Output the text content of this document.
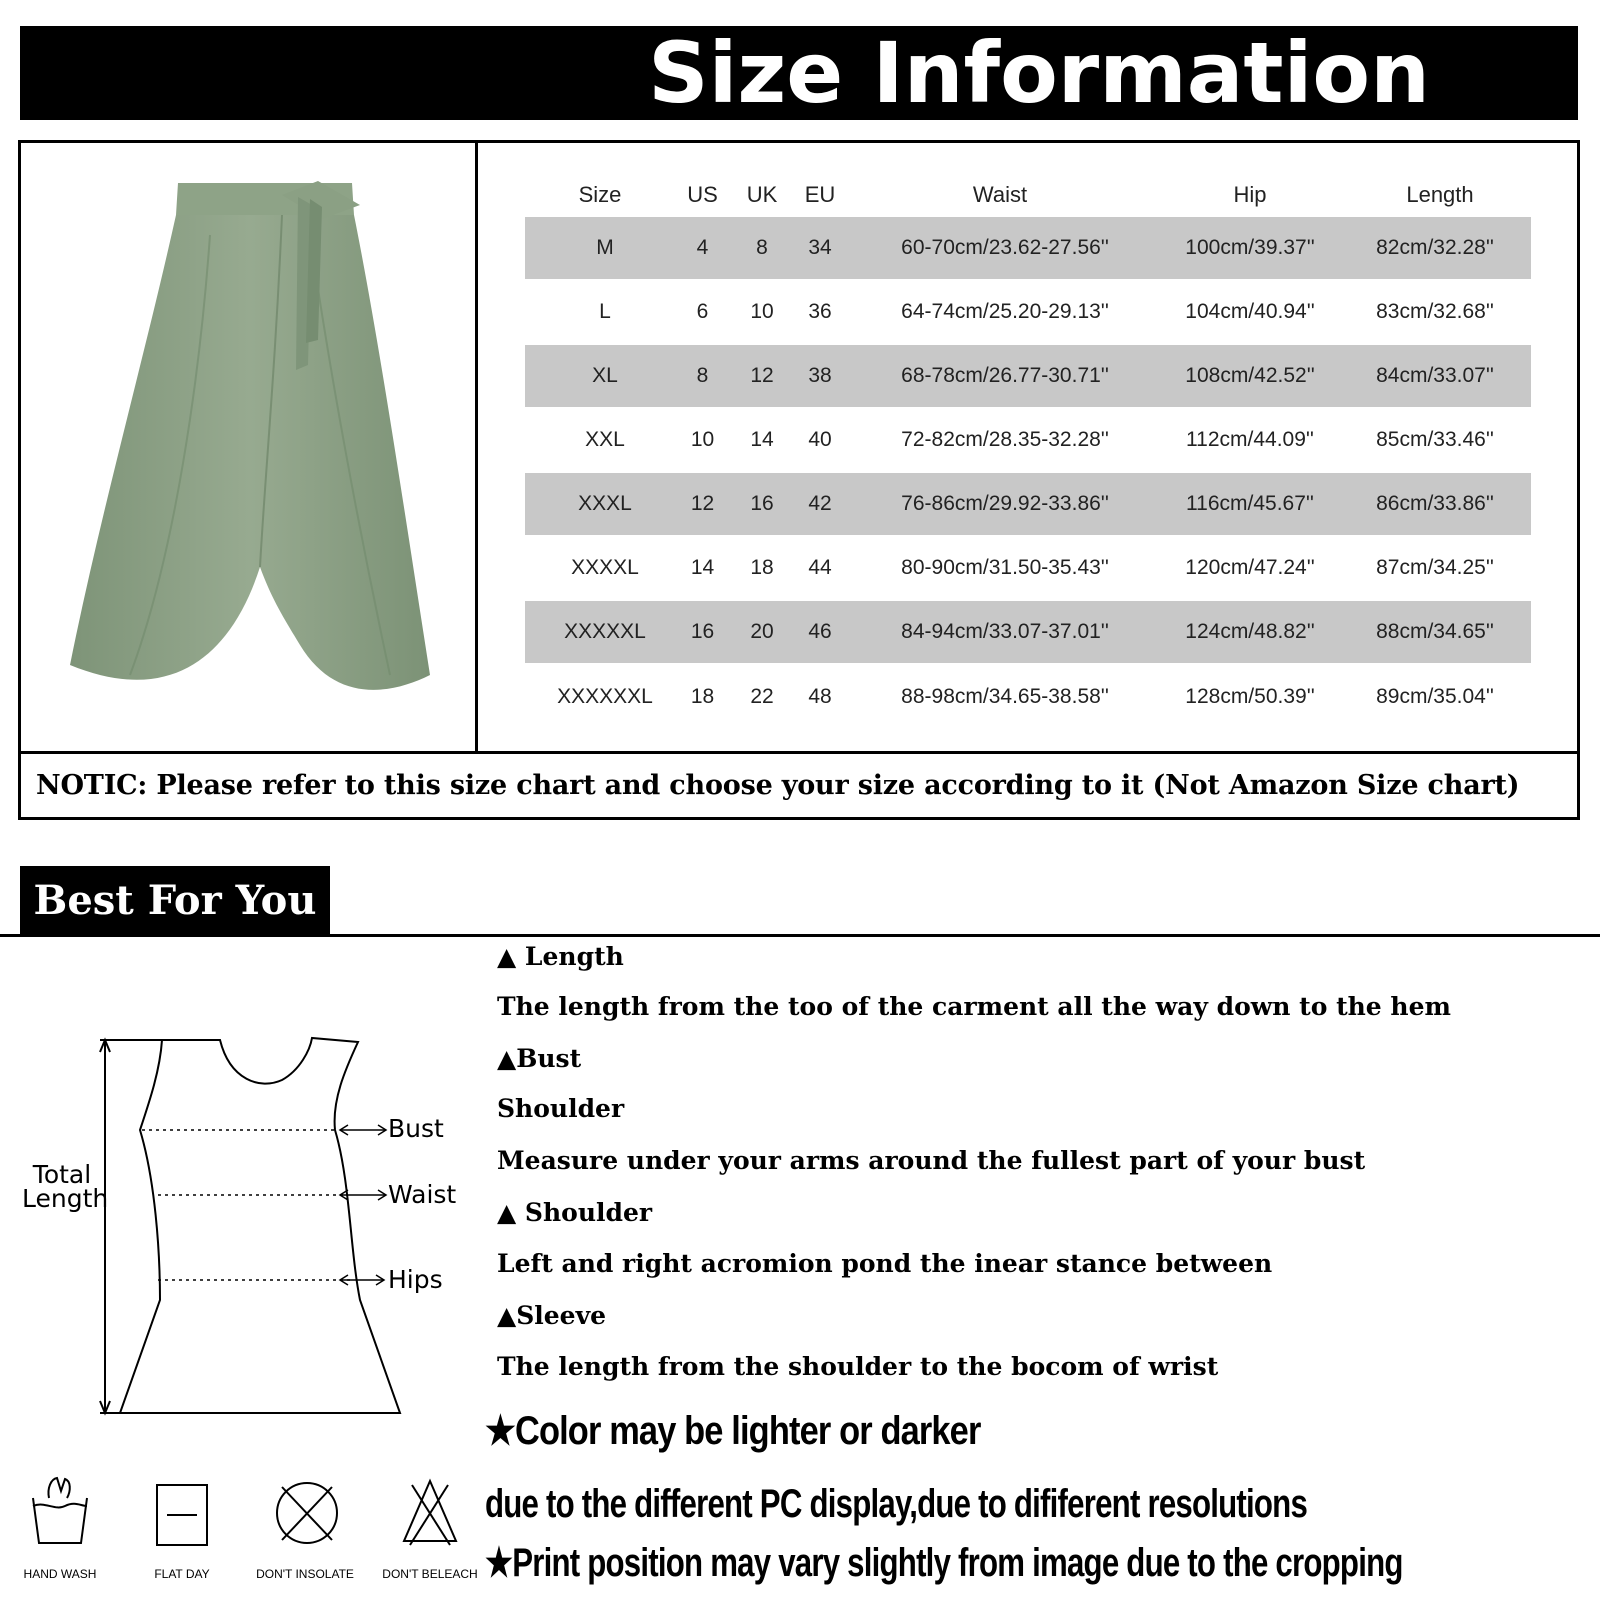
Size Information
Size	US	UK	EU	Waist	Hip	Length
M	4	8	34	60-70cm/23.62-27.56''	100cm/39.37''	82cm/32.28''
L	6	10	36	64-74cm/25.20-29.13''	104cm/40.94''	83cm/32.68''
XL	8	12	38	68-78cm/26.77-30.71''	108cm/42.52''	84cm/33.07''
XXL	10	14	40	72-82cm/28.35-32.28''	112cm/44.09''	85cm/33.46''
XXXL	12	16	42	76-86cm/29.92-33.86''	116cm/45.67''	86cm/33.86''
XXXXL	14	18	44	80-90cm/31.50-35.43''	120cm/47.24''	87cm/34.25''
XXXXXL	16	20	46	84-94cm/33.07-37.01''	124cm/48.82''	88cm/34.65''
XXXXXXL	18	22	48	88-98cm/34.65-38.58''	128cm/50.39''	89cm/35.04''
NOTIC: Please refer to this size chart and choose your size according to it (Not Amazon Size chart)
Best For You
▲ Length
The length from the too of the carment all the way down to the hem
▲Bust
Shoulder
Measure under your arms around the fullest part of your bust
▲ Shoulder
Left and right acromion pond the inear stance between
▲Sleeve
The length from the shoulder to the bocom of wrist
★Color may be lighter or darker
due to the different PC display,due to dififerent resolutions
★Print position may vary slightly from image due to the cropping
Total
Length
Bust
Waist
Hips
HAND WASH	FLAT DAY	DON'T INSOLATE	DON'T BELEACH
